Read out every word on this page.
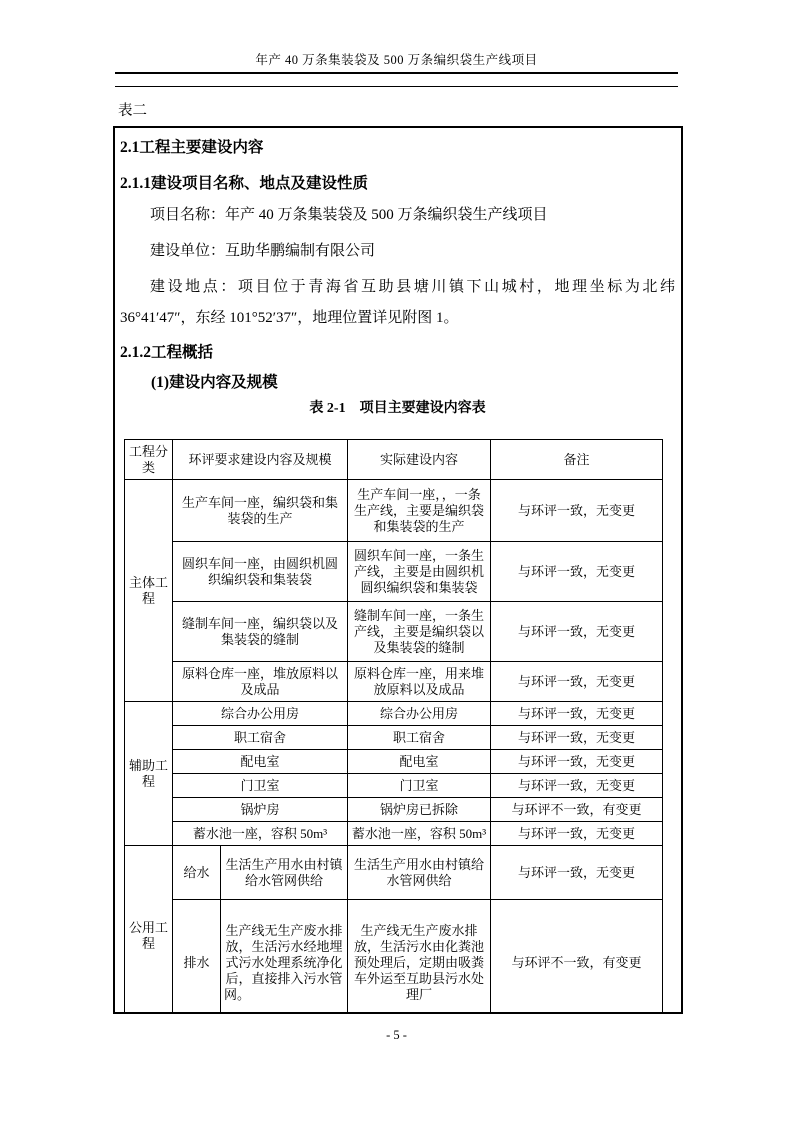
年产 40 万条集装袋及 500 万条编织袋生产线项目
表二
2.1工程主要建设内容
2.1.1建设项目名称、地点及建设性质

项目名称：年产 40 万条集装袋及 500 万条编织袋生产线项目

建设单位：互助华鹏编制有限公司

建设地点：项目位于青海省互助县塘川镇下山城村，地理坐标为北纬 36°41′47″，东经 101°52′37″，地理位置详见附图 1。

2.1.2工程概括
(1)建设内容及规模
表 2-1　项目主要建设内容表
工程分类	环评要求建设内容及规模		实际建设内容	备注
主体工程	生产车间一座，编织袋和集装袋的生产		生产车间一座，，一条生产线，主要是编织袋和集装袋的生产	与环评一致，无变更
	圆织车间一座，由圆织机圆织编织袋和集装袋		圆织车间一座，一条生产线，主要是由圆织机圆织编织袋和集装袋	与环评一致，无变更
	缝制车间一座，编织袋以及集装袋的缝制		缝制车间一座，一条生产线，主要是编织袋以及集装袋的缝制	与环评一致，无变更
	原料仓库一座，堆放原料以及成品		原料仓库一座，用来堆放原料以及成品	与环评一致，无变更
辅助工程	综合办公用房		综合办公用房	与环评一致，无变更
	职工宿舍		职工宿舍	与环评一致，无变更
	配电室		配电室	与环评一致，无变更
	门卫室		门卫室	与环评一致，无变更
	锅炉房		锅炉房已拆除	与环评不一致，有变更
	蓄水池一座，容积 50m³		蓄水池一座，容积 50m³	与环评一致，无变更
公用工程	给水	生活生产用水由村镇给水管网供给	生活生产用水由村镇给水管网供给	与环评一致，无变更
	排水	生产线无生产废水排放，生活污水经地埋式污水处理系统净化后，直接排入污水管网。	生产线无生产废水排放，生活污水由化粪池预处理后，定期由吸粪车外运至互助县污水处理厂	与环评不一致，有变更
- 5 -
